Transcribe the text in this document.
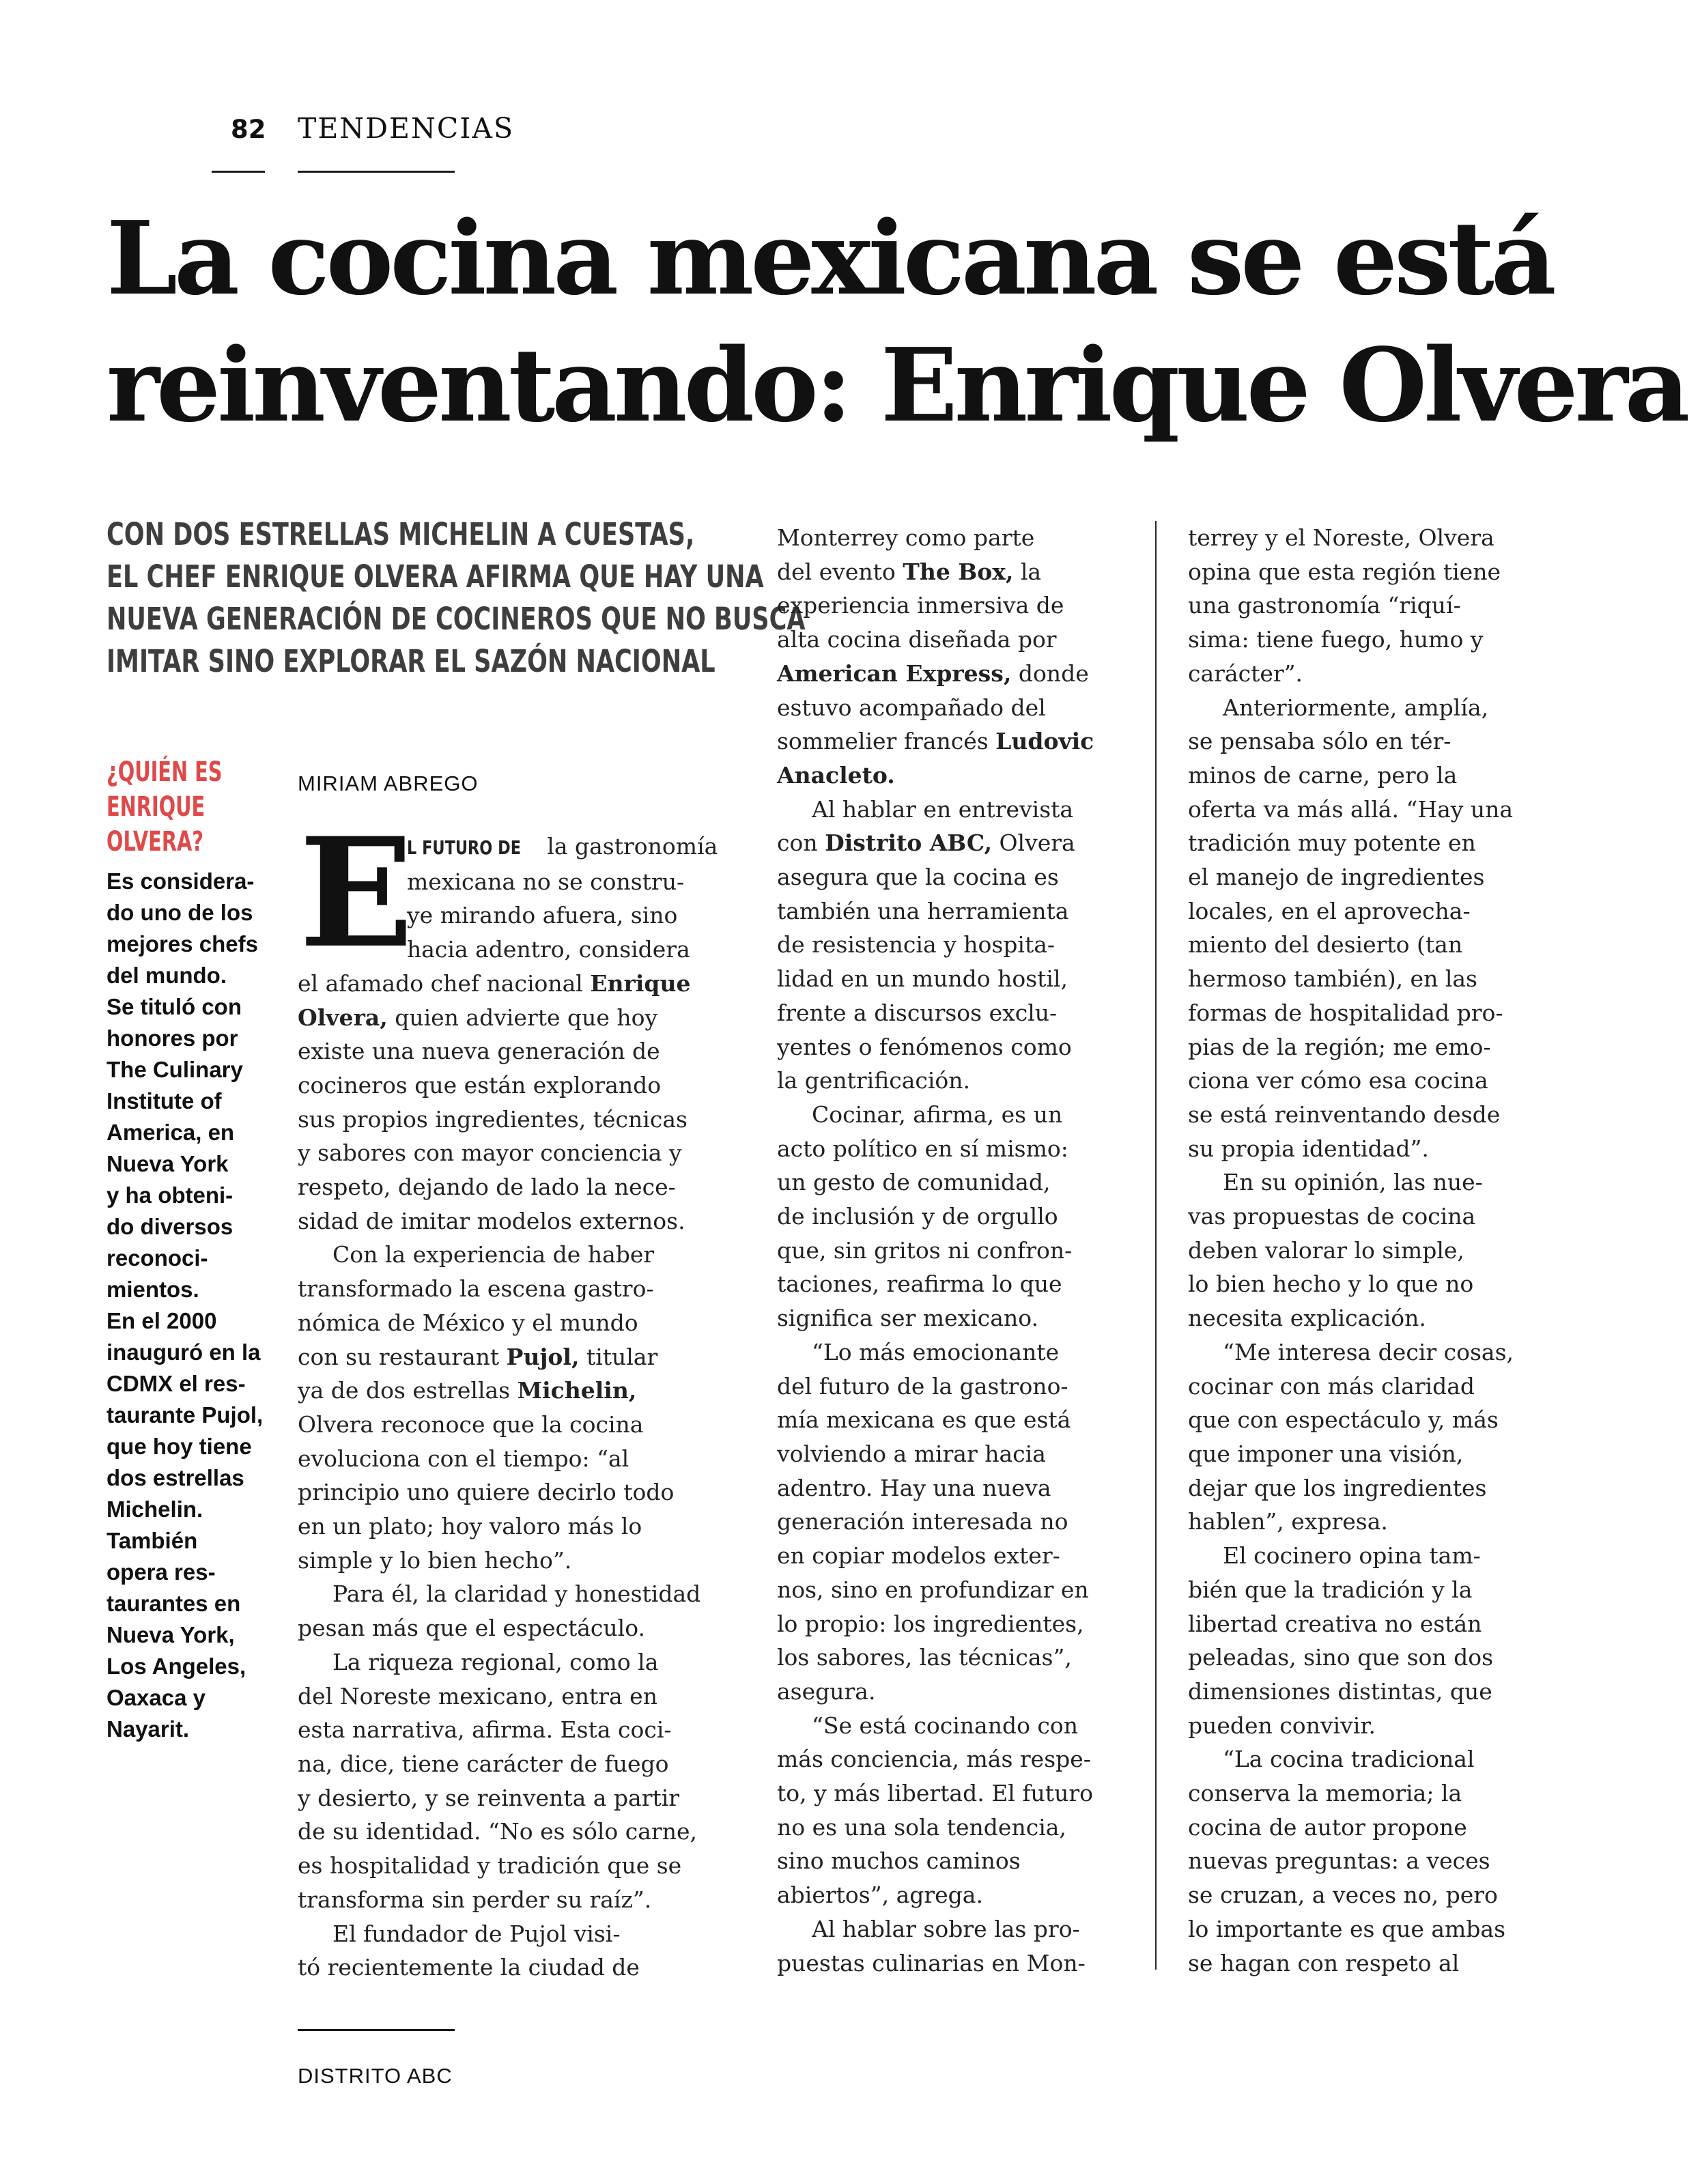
82 TENDENCIAS
La cocina mexicana se está
reinventando: Enrique Olvera
CON DOS ESTRELLAS MICHELIN A CUESTAS,
EL CHEF ENRIQUE OLVERA AFIRMA QUE HAY UNA
NUEVA GENERACIÓN DE COCINEROS QUE NO BUSCA
IMITAR SINO EXPLORAR EL SAZÓN NACIONAL
¿QUIÉN ES
ENRIQUE
OLVERA?
Es considera-
do uno de los
mejores chefs
del mundo.
Se tituló con
honores por
The Culinary
Institute of
America, en
Nueva York
y ha obteni-
do diversos
reconoci-
mientos.
En el 2000
inauguró en la
CDMX el res-
taurante Pujol,
que hoy tiene
dos estrellas
Michelin.
También
opera res-
taurantes en
Nueva York,
Los Angeles,
Oaxaca y
Nayarit.
MIRIAM ABREGO
E
L FUTURO DE la gastronomía
mexicana no se constru-
ye mirando afuera, sino
hacia adentro, considera
el afamado chef nacional Enrique
Olvera, quien advierte que hoy
existe una nueva generación de
cocineros que están explorando
sus propios ingredientes, técnicas
y sabores con mayor conciencia y
respeto, dejando de lado la nece-
sidad de imitar modelos externos.
Con la experiencia de haber
transformado la escena gastro-
nómica de México y el mundo
con su restaurant Pujol, titular
ya de dos estrellas Michelin,
Olvera reconoce que la cocina
evoluciona con el tiempo: “al
principio uno quiere decirlo todo
en un plato; hoy valoro más lo
simple y lo bien hecho”.
Para él, la claridad y honestidad
pesan más que el espectáculo.
La riqueza regional, como la
del Noreste mexicano, entra en
esta narrativa, afirma. Esta coci-
na, dice, tiene carácter de fuego
y desierto, y se reinventa a partir
de su identidad. “No es sólo carne,
es hospitalidad y tradición que se
transforma sin perder su raíz”.
El fundador de Pujol visi-
tó recientemente la ciudad de
Monterrey como parte
del evento The Box, la
experiencia inmersiva de
alta cocina diseñada por
American Express, donde
estuvo acompañado del
sommelier francés Ludovic
Anacleto.
Al hablar en entrevista
con Distrito ABC, Olvera
asegura que la cocina es
también una herramienta
de resistencia y hospita-
lidad en un mundo hostil,
frente a discursos exclu-
yentes o fenómenos como
la gentrificación.
Cocinar, afirma, es un
acto político en sí mismo:
un gesto de comunidad,
de inclusión y de orgullo
que, sin gritos ni confron-
taciones, reafirma lo que
significa ser mexicano.
“Lo más emocionante
del futuro de la gastrono-
mía mexicana es que está
volviendo a mirar hacia
adentro. Hay una nueva
generación interesada no
en copiar modelos exter-
nos, sino en profundizar en
lo propio: los ingredientes,
los sabores, las técnicas”,
asegura.
“Se está cocinando con
más conciencia, más respe-
to, y más libertad. El futuro
no es una sola tendencia,
sino muchos caminos
abiertos”, agrega.
Al hablar sobre las pro-
puestas culinarias en Mon-
terrey y el Noreste, Olvera
opina que esta región tiene
una gastronomía “riquí-
sima: tiene fuego, humo y
carácter”.
Anteriormente, amplía,
se pensaba sólo en tér-
minos de carne, pero la
oferta va más allá. “Hay una
tradición muy potente en
el manejo de ingredientes
locales, en el aprovecha-
miento del desierto (tan
hermoso también), en las
formas de hospitalidad pro-
pias de la región; me emo-
ciona ver cómo esa cocina
se está reinventando desde
su propia identidad”.
En su opinión, las nue-
vas propuestas de cocina
deben valorar lo simple,
lo bien hecho y lo que no
necesita explicación.
“Me interesa decir cosas,
cocinar con más claridad
que con espectáculo y, más
que imponer una visión,
dejar que los ingredientes
hablen”, expresa.
El cocinero opina tam-
bién que la tradición y la
libertad creativa no están
peleadas, sino que son dos
dimensiones distintas, que
pueden convivir.
“La cocina tradicional
conserva la memoria; la
cocina de autor propone
nuevas preguntas: a veces
se cruzan, a veces no, pero
lo importante es que ambas
se hagan con respeto al
DISTRITO ABC
